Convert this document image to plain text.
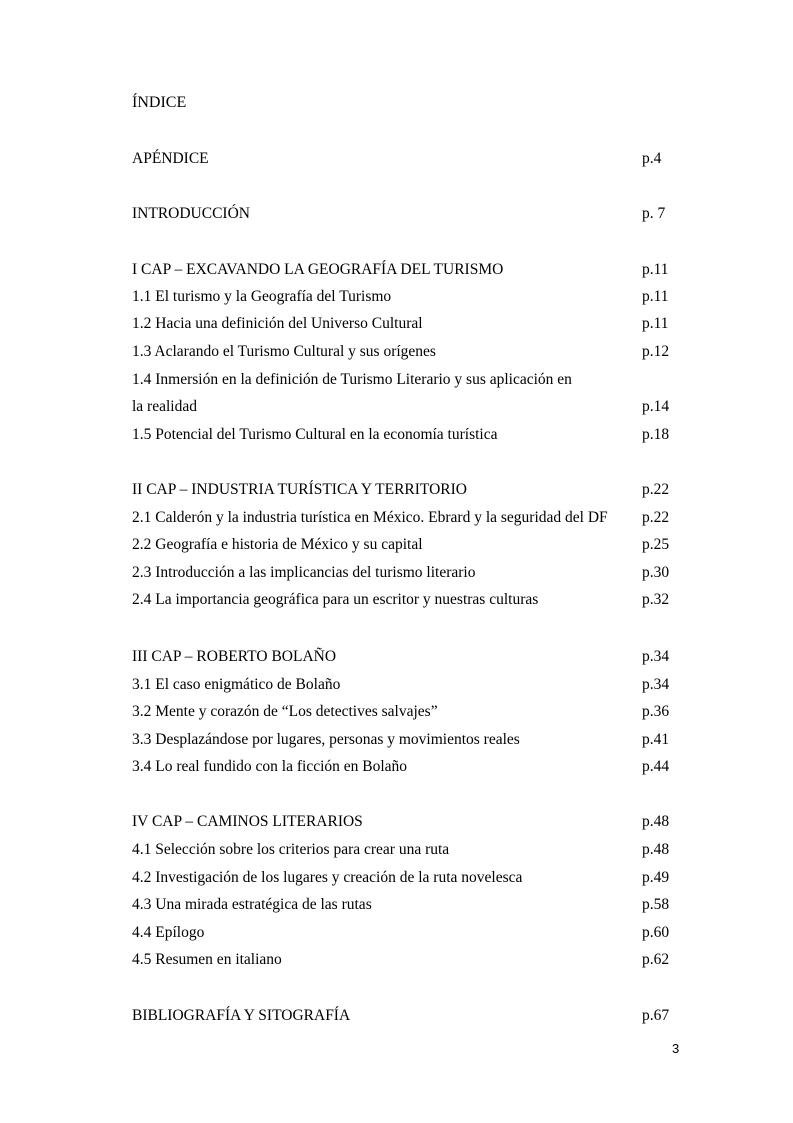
ÍNDICE
APÉNDICE	p.4
INTRODUCCIÓN	p. 7
I CAP – EXCAVANDO LA GEOGRAFÍA DEL TURISMO	p.11
1.1 El turismo y la Geografía del Turismo	p.11
1.2 Hacia una definición del Universo Cultural	p.11
1.3 Aclarando el Turismo Cultural y sus orígenes	p.12
1.4 Inmersión en la definición de Turismo Literario y sus aplicación en
la realidad	p.14
1.5 Potencial del Turismo Cultural en la economía turística	p.18
II CAP – INDUSTRIA TURÍSTICA Y TERRITORIO	p.22
2.1 Calderón y la industria turística en México. Ebrard y la seguridad del DF p.22
2.2 Geografía e historia de México y su capital	p.25
2.3 Introducción a las implicancias del turismo literario	p.30
2.4 La importancia geográfica para un escritor y nuestras culturas	p.32
III CAP – ROBERTO BOLAÑO	p.34
3.1 El caso enigmático de Bolaño	p.34
3.2 Mente y corazón de “Los detectives salvajes”	p.36
3.3 Desplazándose por lugares, personas y movimientos reales	p.41
3.4 Lo real fundido con la ficción en Bolaño	p.44
IV CAP – CAMINOS LITERARIOS	p.48
4.1 Selección sobre los criterios para crear una ruta	p.48
4.2 Investigación de los lugares y creación de la ruta novelesca	p.49
4.3 Una mirada estratégica de las rutas	p.58
4.4 Epílogo	p.60
4.5 Resumen en italiano	p.62
BIBLIOGRAFÍA Y SITOGRAFÍA	p.67
3
